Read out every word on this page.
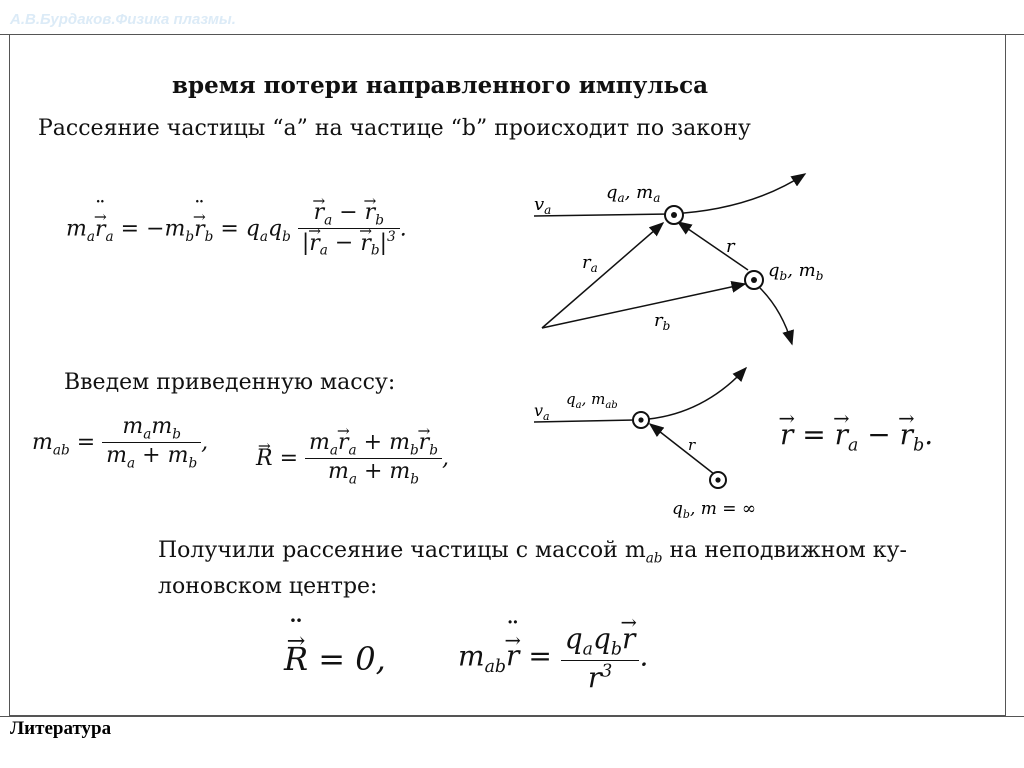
А.В.Бурдаков.Физика плазмы.
время потери направленного импульса
Рассеяние частицы “a” на частице “b” происходит по закону
$m_a\to r$ $¨_a = -m_b\to r$ $¨_b = q_aq_b$
→ $\frac{r_a - \to r_b}{|\to r_a - \to r_b|^3}$ .
$v_a$
$q_a$, $m_a$
$r_a$
$r_b$
r
$q_b$, $m_b$
Введем приведенную массу:
$m_{ab} = \frac{m_am_b}{m_a + m_b}$ ,
→ $R = \frac{m_a\to r_a + m_b\to r_b}{m_a + m_b}$ ,
$v_a$
$q_a$, $m_{ab}$
r
$q_b$, m = ∞
→ r = → $r_a$ − → $r_b$.
Получили рассеяние частицы с массой $m_{ab}$ на неподвижном ку-
лоновском центре:
→ R ¨ = 0,	$m_{ab}\to r$ ¨ = $\frac{q_aq_b\to r}{r^3}$ .
Литература
